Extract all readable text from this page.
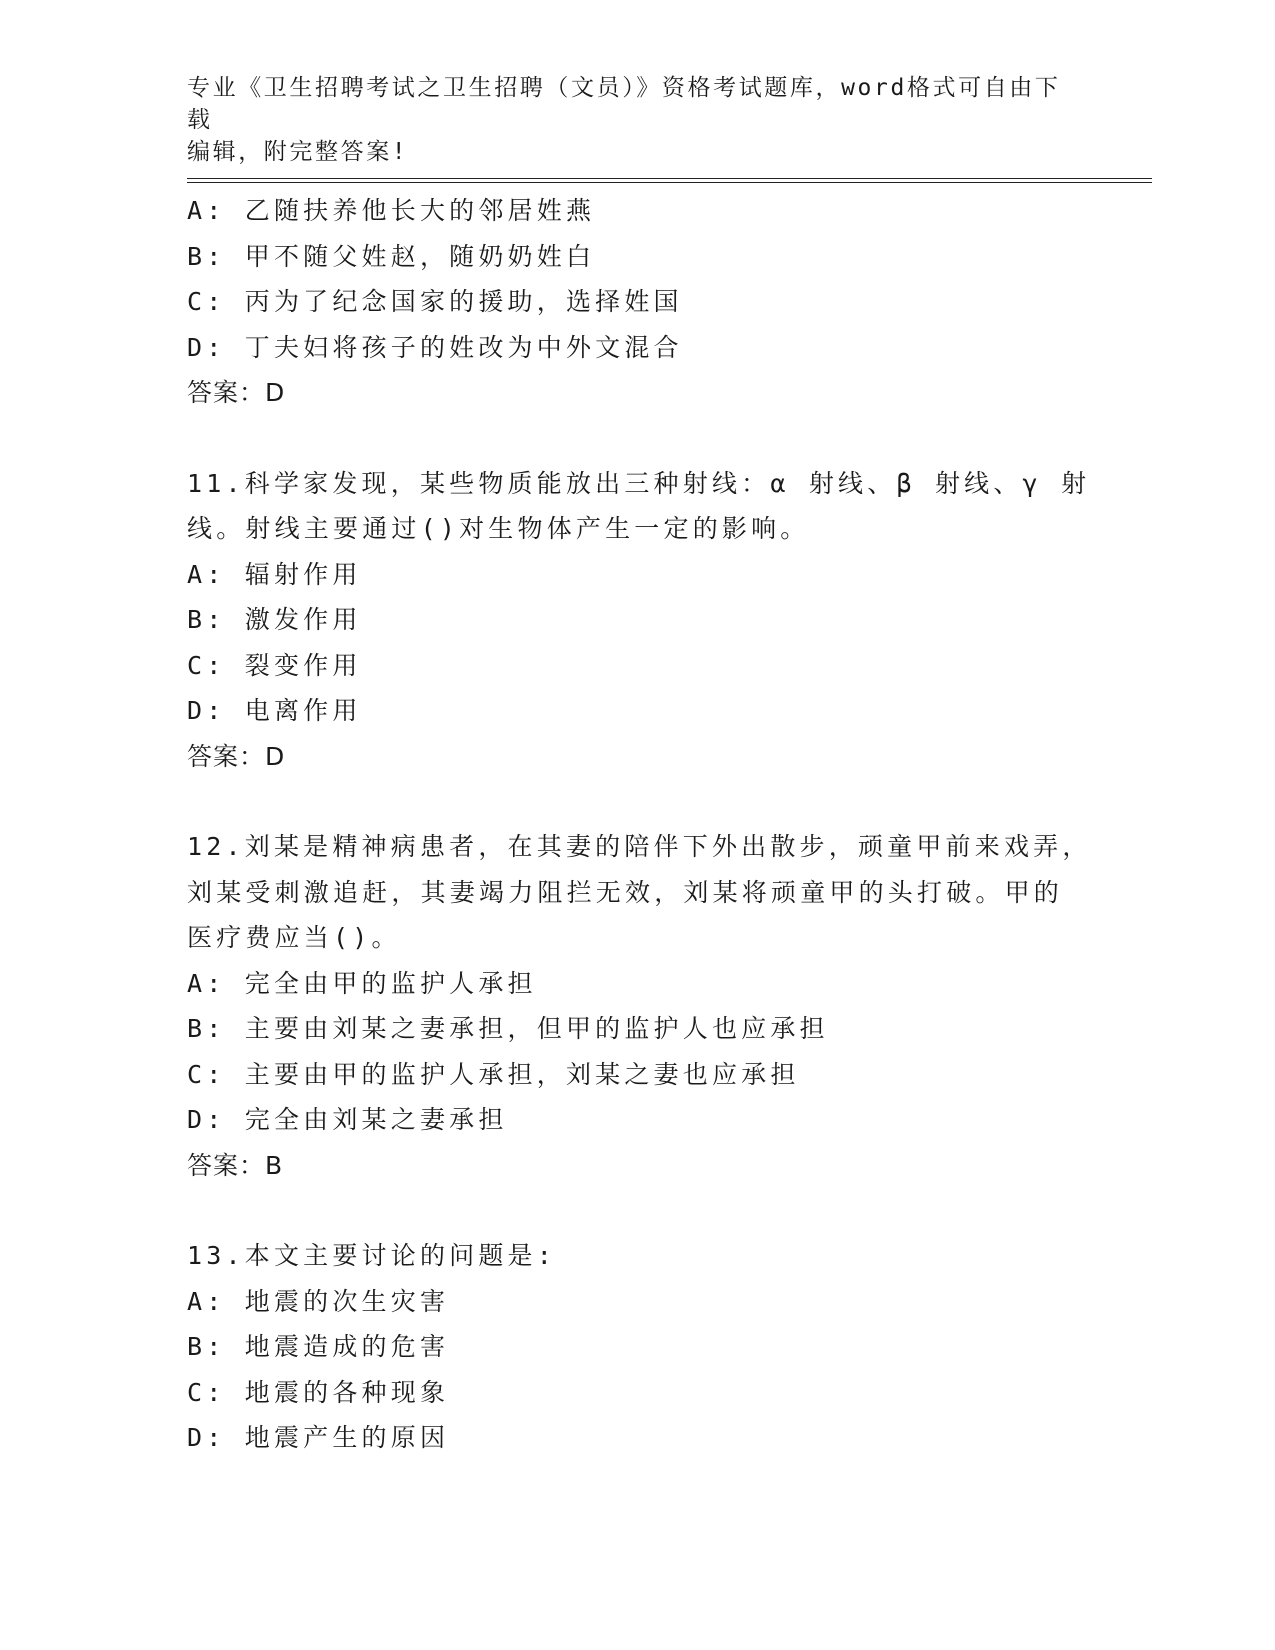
专业《卫生招聘考试之卫生招聘（文员）》资格考试题库，word格式可自由下载
编辑，附完整答案!
A: 乙随扶养他长大的邻居姓燕
B: 甲不随父姓赵，随奶奶姓白
C: 丙为了纪念国家的援助，选择姓国
D: 丁夫妇将孩子的姓改为中外文混合
答案：D
11.科学家发现，某些物质能放出三种射线：α 射线、β 射线、γ 射
线。射线主要通过()对生物体产生一定的影响。
A: 辐射作用
B: 激发作用
C: 裂变作用
D: 电离作用
答案：D
12.刘某是精神病患者，在其妻的陪伴下外出散步，顽童甲前来戏弄，
刘某受刺激追赶，其妻竭力阻拦无效，刘某将顽童甲的头打破。甲的
医疗费应当()。
A: 完全由甲的监护人承担
B: 主要由刘某之妻承担，但甲的监护人也应承担
C: 主要由甲的监护人承担，刘某之妻也应承担
D: 完全由刘某之妻承担
答案：B
13.本文主要讨论的问题是:
A: 地震的次生灾害
B: 地震造成的危害
C: 地震的各种现象
D: 地震产生的原因
